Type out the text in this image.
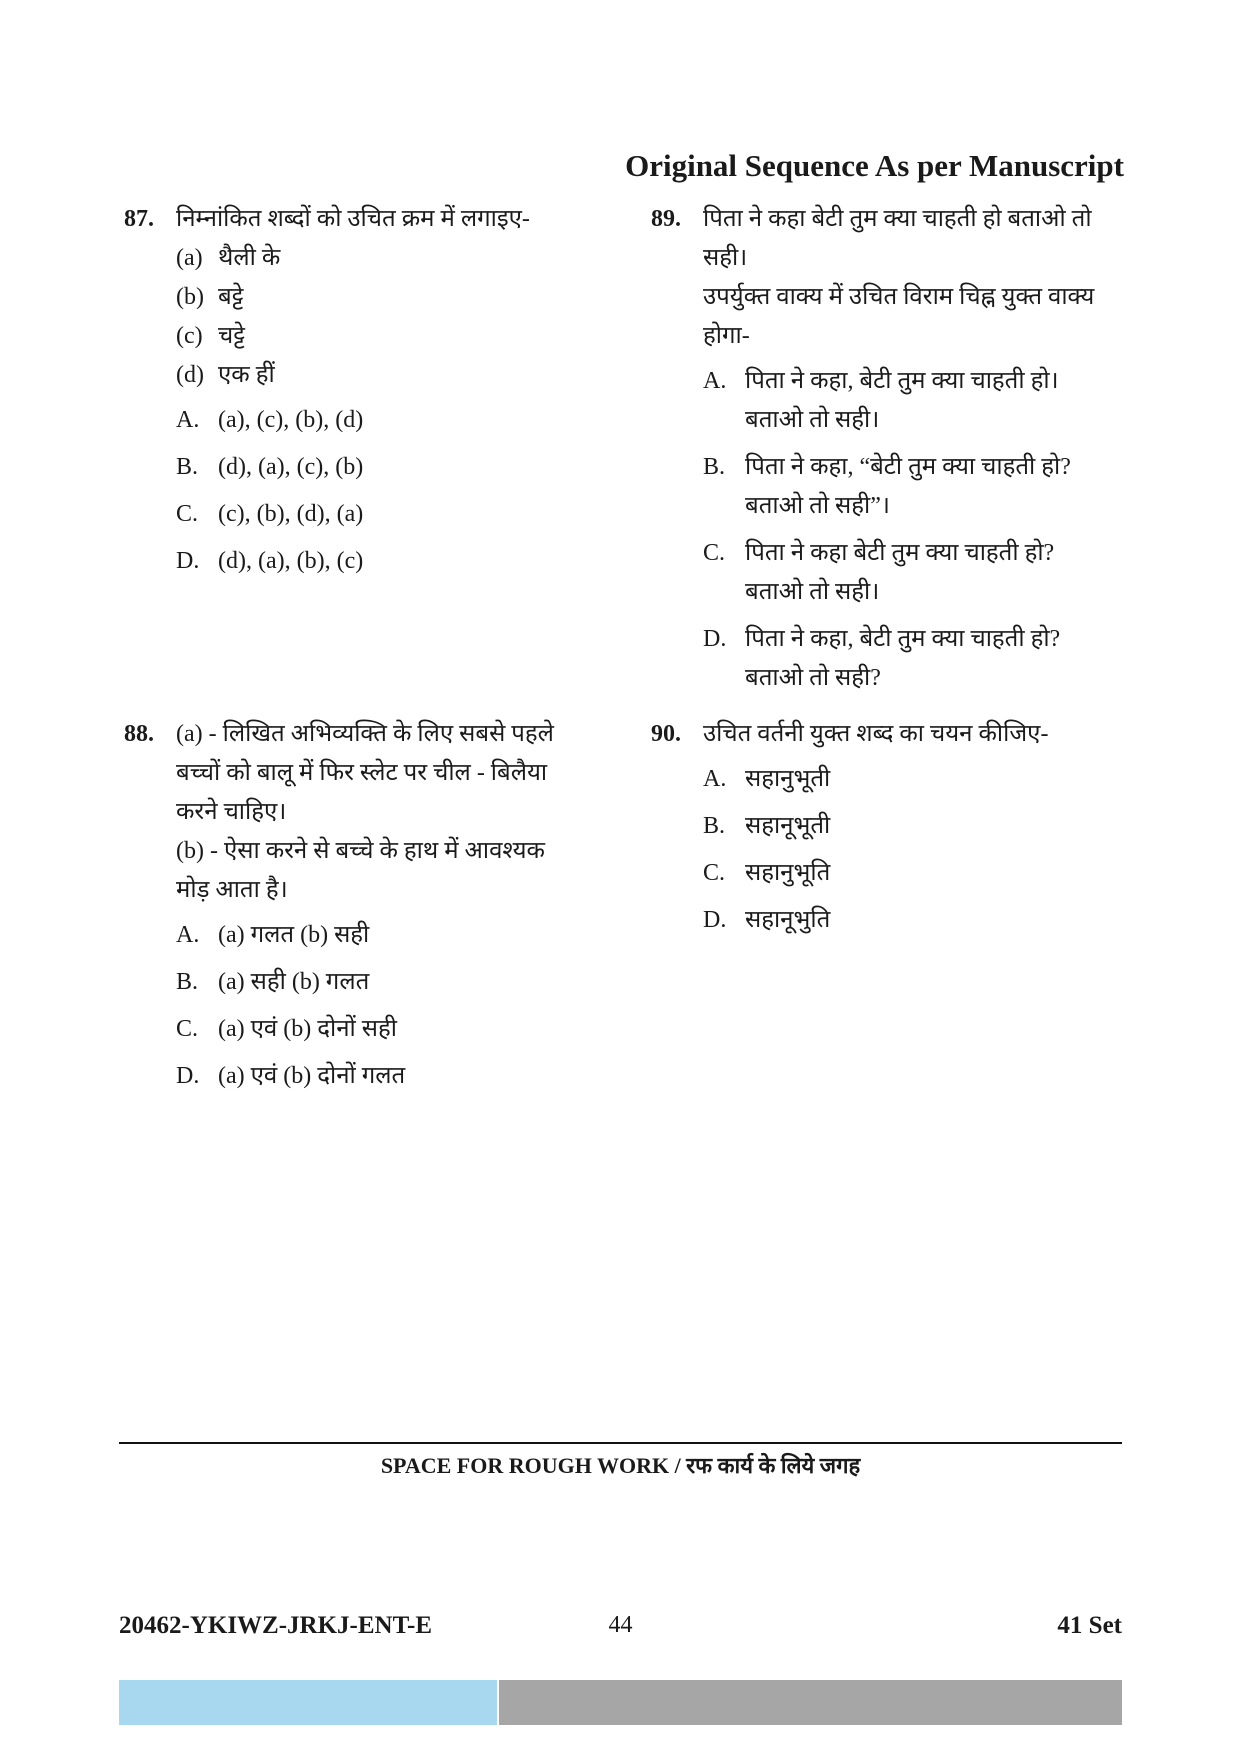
Original Sequence As per Manuscript
87. निम्नांकित शब्दों को उचित क्रम में लगाइए-
(a) थैली के
(b) बट्टे
(c) चट्टे
(d) एक हीं
A. (a), (c), (b), (d)
B. (d), (a), (c), (b)
C. (c), (b), (d), (a)
D. (d), (a), (b), (c)
88. (a) - लिखित अभिव्यक्ति के लिए सबसे पहले
बच्चों को बालू में फिर स्लेट पर चील - बिलैया
करने चाहिए।
(b) - ऐसा करने से बच्चे के हाथ में आवश्यक
मोड़ आता है।
A. (a) गलत (b) सही
B. (a) सही (b) गलत
C. (a) एवं (b) दोनों सही
D. (a) एवं (b) दोनों गलत
89. पिता ने कहा बेटी तुम क्या चाहती हो बताओ तो
सही।
उपर्युक्त वाक्य में उचित विराम चिह्न युक्त वाक्य
होगा-
A. पिता ने कहा, बेटी तुम क्या चाहती हो।
बताओ तो सही।
B. पिता ने कहा, “बेटी तुम क्या चाहती हो?
बताओ तो सही”।
C. पिता ने कहा बेटी तुम क्या चाहती हो?
बताओ तो सही।
D. पिता ने कहा, बेटी तुम क्या चाहती हो?
बताओ तो सही?
90. उचित वर्तनी युक्त शब्द का चयन कीजिए-
A. सहानुभूती
B. सहानूभूती
C. सहानुभूति
D. सहानूभुति
SPACE FOR ROUGH WORK / रफ कार्य के लिये जगह
20462-YKIWZ-JRKJ-ENT-E	44	41 Set
